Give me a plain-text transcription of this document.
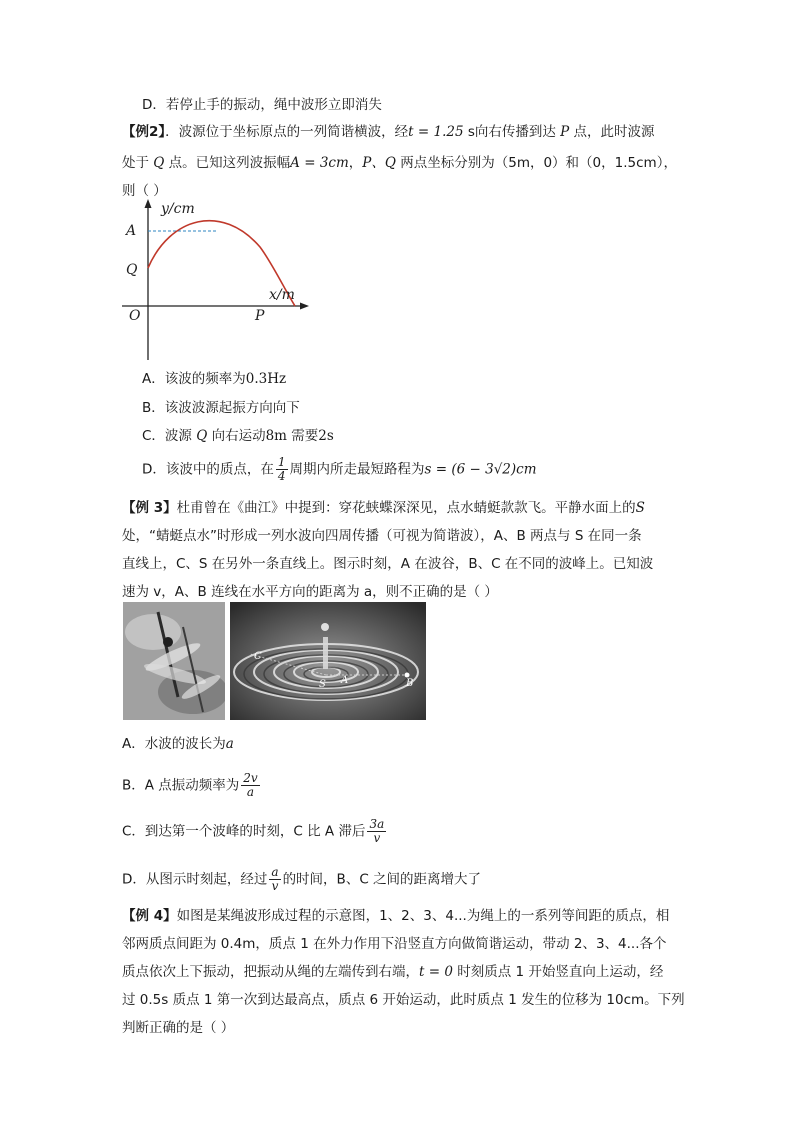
D．若停止手的振动，绳中波形立即消失
【例2】．波源位于坐标原点的一列简谐横波，经t = 1.25 s向右传播到达 P 点，此时波源
处于 Q 点。已知这列波振幅A = 3cm，P、Q 两点坐标分别为（5m，0）和（0，1.5cm），
则（ ）
y/cm
x/m
A
Q
O	P
A．该波的频率为0.3Hz
B．该波波源起振方向向下
C．波源 Q 向右运动8m 需要2s
D．该波中的质点，在 $\frac{1}{4}$ 周期内所走最短路程为s = (6 − 3√2)cm
【例 3】杜甫曾在《曲江》中提到：穿花蛱蝶深深见，点水蜻蜓款款飞。平静水面上的S
处，“蜻蜓点水”时形成一列水波向四周传播（可视为简谐波），A、B 两点与 S 在同一条
直线上，C、S 在另外一条直线上。图示时刻，A 在波谷，B、C 在不同的波峰上。已知波
速为 v，A、B 连线在水平方向的距离为 a，则不正确的是（ ）
C
S A	B
A．水波的波长为a
B．A 点振动频率为 $\frac{2v}{a}$
C．到达第一个波峰的时刻，C 比 A 滞后 $\frac{3a}{v}$
D．从图示时刻起，经过 $\frac{a}{v}$ 的时间，B、C 之间的距离增大了
【例 4】如图是某绳波形成过程的示意图，1、2、3、4...为绳上的一系列等间距的质点，相
邻两质点间距为 0.4m，质点 1 在外力作用下沿竖直方向做简谐运动，带动 2、3、4...各个
质点依次上下振动，把振动从绳的左端传到右端，t = 0 时刻质点 1 开始竖直向上运动，经
过 0.5s 质点 1 第一次到达最高点，质点 6 开始运动，此时质点 1 发生的位移为 10cm。下列
判断正确的是（ ）
